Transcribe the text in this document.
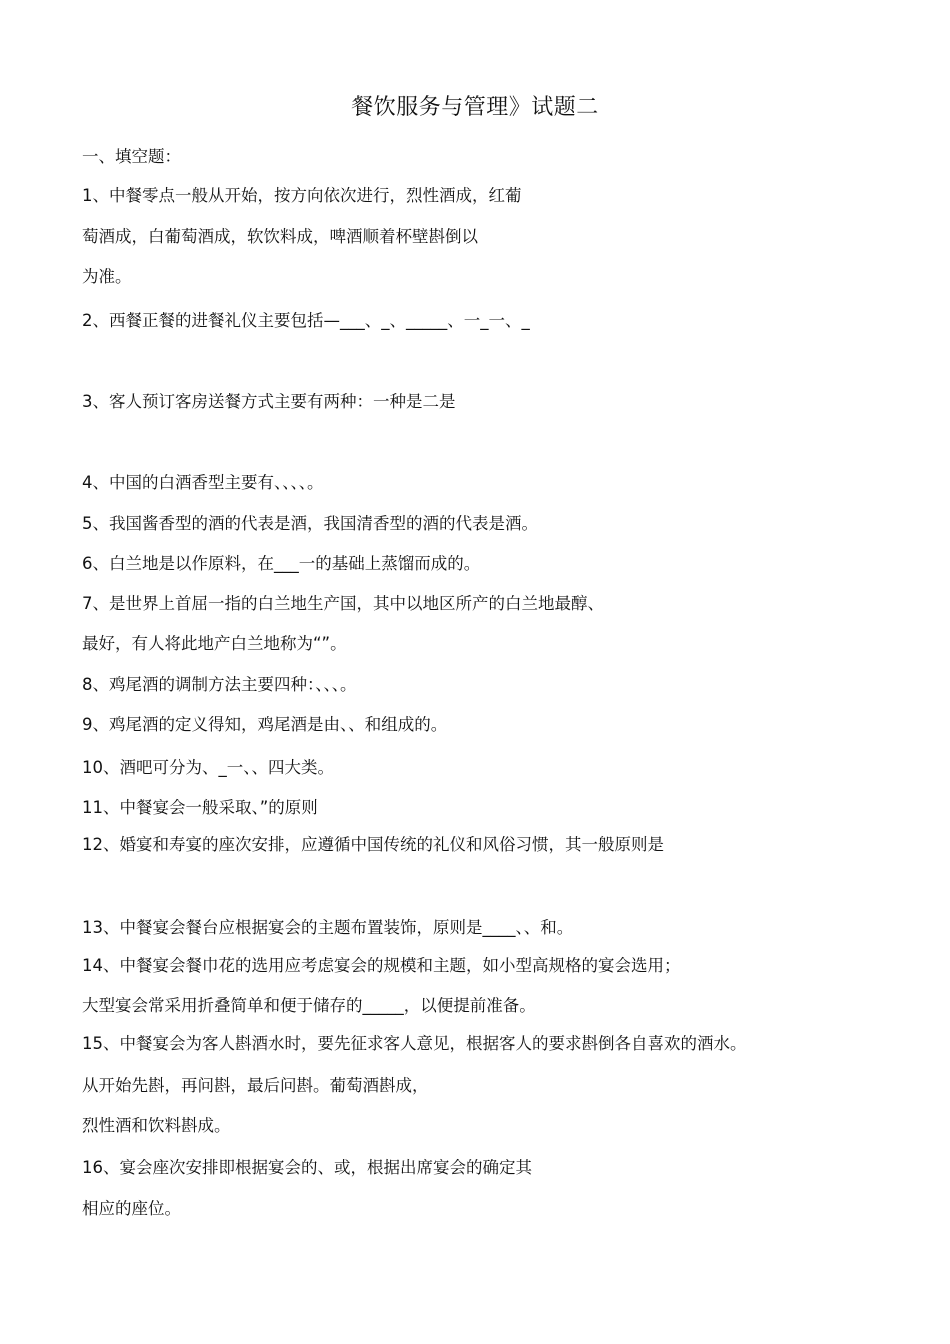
餐饮服务与管理》试题二
一、填空题：
1、中餐零点一般从开始，按方向依次进行，烈性酒成，红葡
萄酒成，白葡萄酒成，软饮料成，啤酒顺着杯壁斟倒以
为准。
2、西餐正餐的进餐礼仪主要包括—___、_、_____、一_一、_
3、客人预订客房送餐方式主要有两种：一种是二是
4、中国的白酒香型主要有、、、、。
5、我国酱香型的酒的代表是酒，我国清香型的酒的代表是酒。
6、白兰地是以作原料，在___一的基础上蒸馏而成的。
7、是世界上首屈一指的白兰地生产国，其中以地区所产的白兰地最醇、
最好，有人将此地产白兰地称为“”。
8、鸡尾酒的调制方法主要四种：、、、。
9、鸡尾酒的定义得知，鸡尾酒是由、、和组成的。
10、酒吧可分为、_一、、四大类。
11、中餐宴会一般采取、”的原则
12、婚宴和寿宴的座次安排，应遵循中国传统的礼仪和风俗习惯，其一般原则是
13、中餐宴会餐台应根据宴会的主题布置装饰，原则是____、、和。
14、中餐宴会餐巾花的选用应考虑宴会的规模和主题，如小型高规格的宴会选用；
大型宴会常采用折叠简单和便于储存的_____，以便提前准备。
15、中餐宴会为客人斟酒水时，要先征求客人意见，根据客人的要求斟倒各自喜欢的酒水。
从开始先斟，再问斟，最后问斟。葡萄酒斟成，
烈性酒和饮料斟成。
16、宴会座次安排即根据宴会的、或，根据出席宴会的确定其
相应的座位。
